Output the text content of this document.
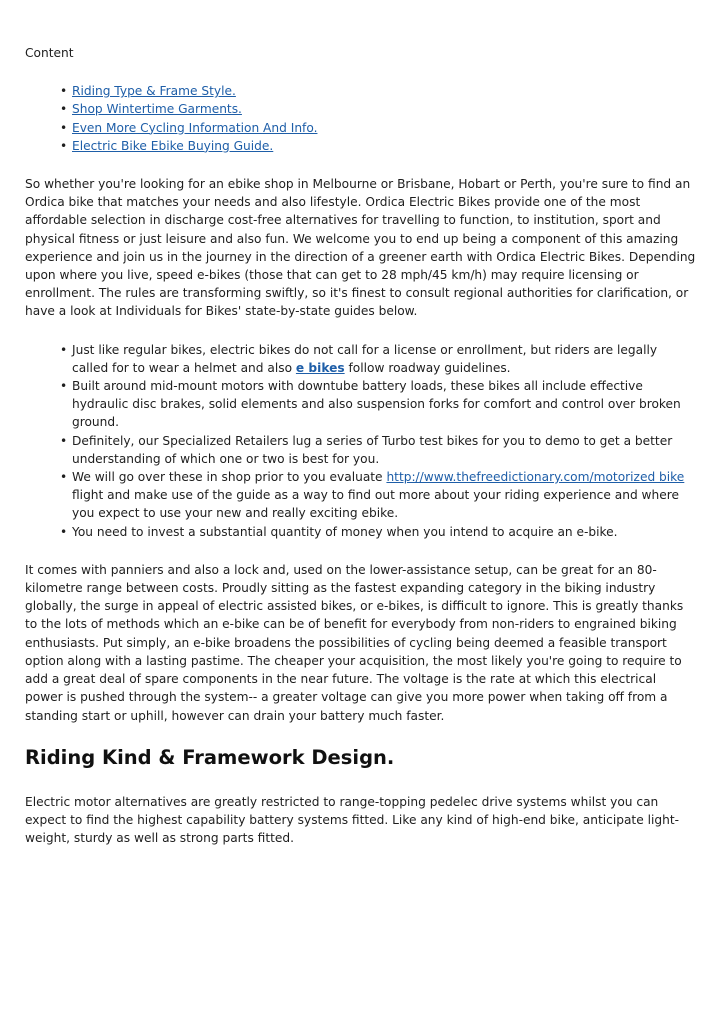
Content
• Riding Type & Frame Style.
• Shop Wintertime Garments.
• Even More Cycling Information And Info.
• Electric Bike Ebike Buying Guide.

So whether you're looking for an ebike shop in Melbourne or Brisbane, Hobart or Perth, you're sure to find an Ordica bike that matches your needs and also lifestyle. Ordica Electric Bikes provide one of the most affordable selection in discharge cost-free alternatives for travelling to function, to institution, sport and physical fitness or just leisure and also fun. We welcome you to end up being a component of this amazing experience and join us in the journey in the direction of a greener earth with Ordica Electric Bikes. Depending upon where you live, speed e-bikes (those that can get to 28 mph/45 km/h) may require licensing or enrollment. The rules are transforming swiftly, so it's finest to consult regional authorities for clarification, or have a look at Individuals for Bikes' state-by-state guides below.

• Just like regular bikes, electric bikes do not call for a license or enrollment, but riders are legally called for to wear a helmet and also e bikes follow roadway guidelines.
• Built around mid-mount motors with downtube battery loads, these bikes all include effective hydraulic disc brakes, solid elements and also suspension forks for comfort and control over broken ground.
• Definitely, our Specialized Retailers lug a series of Turbo test bikes for you to demo to get a better understanding of which one or two is best for you.
• We will go over these in shop prior to you evaluate http://www.thefreedictionary.com/motorized bike flight and make use of the guide as a way to find out more about your riding experience and where you expect to use your new and really exciting ebike.
• You need to invest a substantial quantity of money when you intend to acquire an e-bike.

It comes with panniers and also a lock and, used on the lower-assistance setup, can be great for an 80-kilometre range between costs. Proudly sitting as the fastest expanding category in the biking industry globally, the surge in appeal of electric assisted bikes, or e-bikes, is difficult to ignore. This is greatly thanks to the lots of methods which an e-bike can be of benefit for everybody from non-riders to engrained biking enthusiasts. Put simply, an e-bike broadens the possibilities of cycling being deemed a feasible transport option along with a lasting pastime. The cheaper your acquisition, the most likely you're going to require to add a great deal of spare components in the near future. The voltage is the rate at which this electrical power is pushed through the system-- a greater voltage can give you more power when taking off from a standing start or uphill, however can drain your battery much faster.

Riding Kind & Framework Design.

Electric motor alternatives are greatly restricted to range-topping pedelec drive systems whilst you can expect to find the highest capability battery systems fitted. Like any kind of high-end bike, anticipate light-weight, sturdy as well as strong parts fitted.
